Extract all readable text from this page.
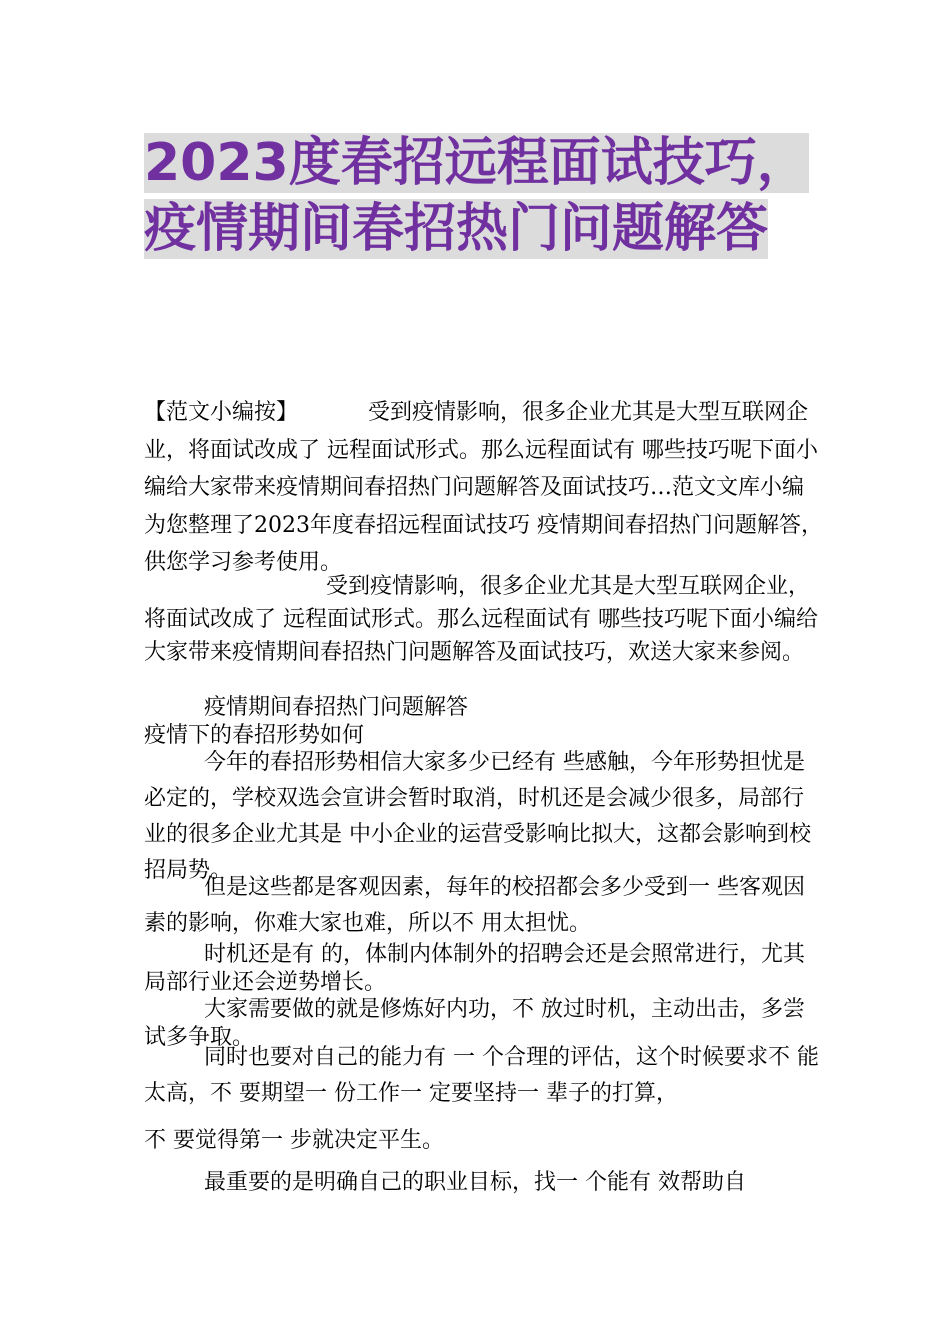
2023度春招远程面试技巧，疫情期间春招热门问题解答

【范文小编按】	受到疫情影响，很多企业尤其是大型互联网企业，将面试改成了 远程面试形式。那么远程面试有 哪些技巧呢下面小编给大家带来疫情期间春招热门问题解答及面试技巧…范文文库小编为您整理了2023年度春招远程面试技巧 疫情期间春招热门问题解答，供您学习参考使用。

受到疫情影响，很多企业尤其是大型互联网企业，将面试改成了 远程面试形式。那么远程面试有 哪些技巧呢下面小编给大家带来疫情期间春招热门问题解答及面试技巧，欢送大家来参阅。

疫情期间春招热门问题解答
疫情下的春招形势如何

今年的春招形势相信大家多少已经有 些感触，今年形势担忧是必定的，学校双选会宣讲会暂时取消，时机还是会减少很多，局部行业的很多企业尤其是 中小企业的运营受影响比拟大，这都会影响到校招局势。

但是这些都是客观因素，每年的校招都会多少受到一 些客观因素的影响，你难大家也难，所以不 用太担忧。

时机还是有 的，体制内体制外的招聘会还是会照常进行，尤其局部行业还会逆势增长。

大家需要做的就是修炼好内功，不 放过时机，主动出击，多尝试多争取。

同时也要对自己的能力有 一 个合理的评估，这个时候要求不 能太高，不 要期望一 份工作一 定要坚持一 辈子的打算，

不 要觉得第一 步就决定平生。

最重要的是明确自己的职业目标，找一 个能有 效帮助自
